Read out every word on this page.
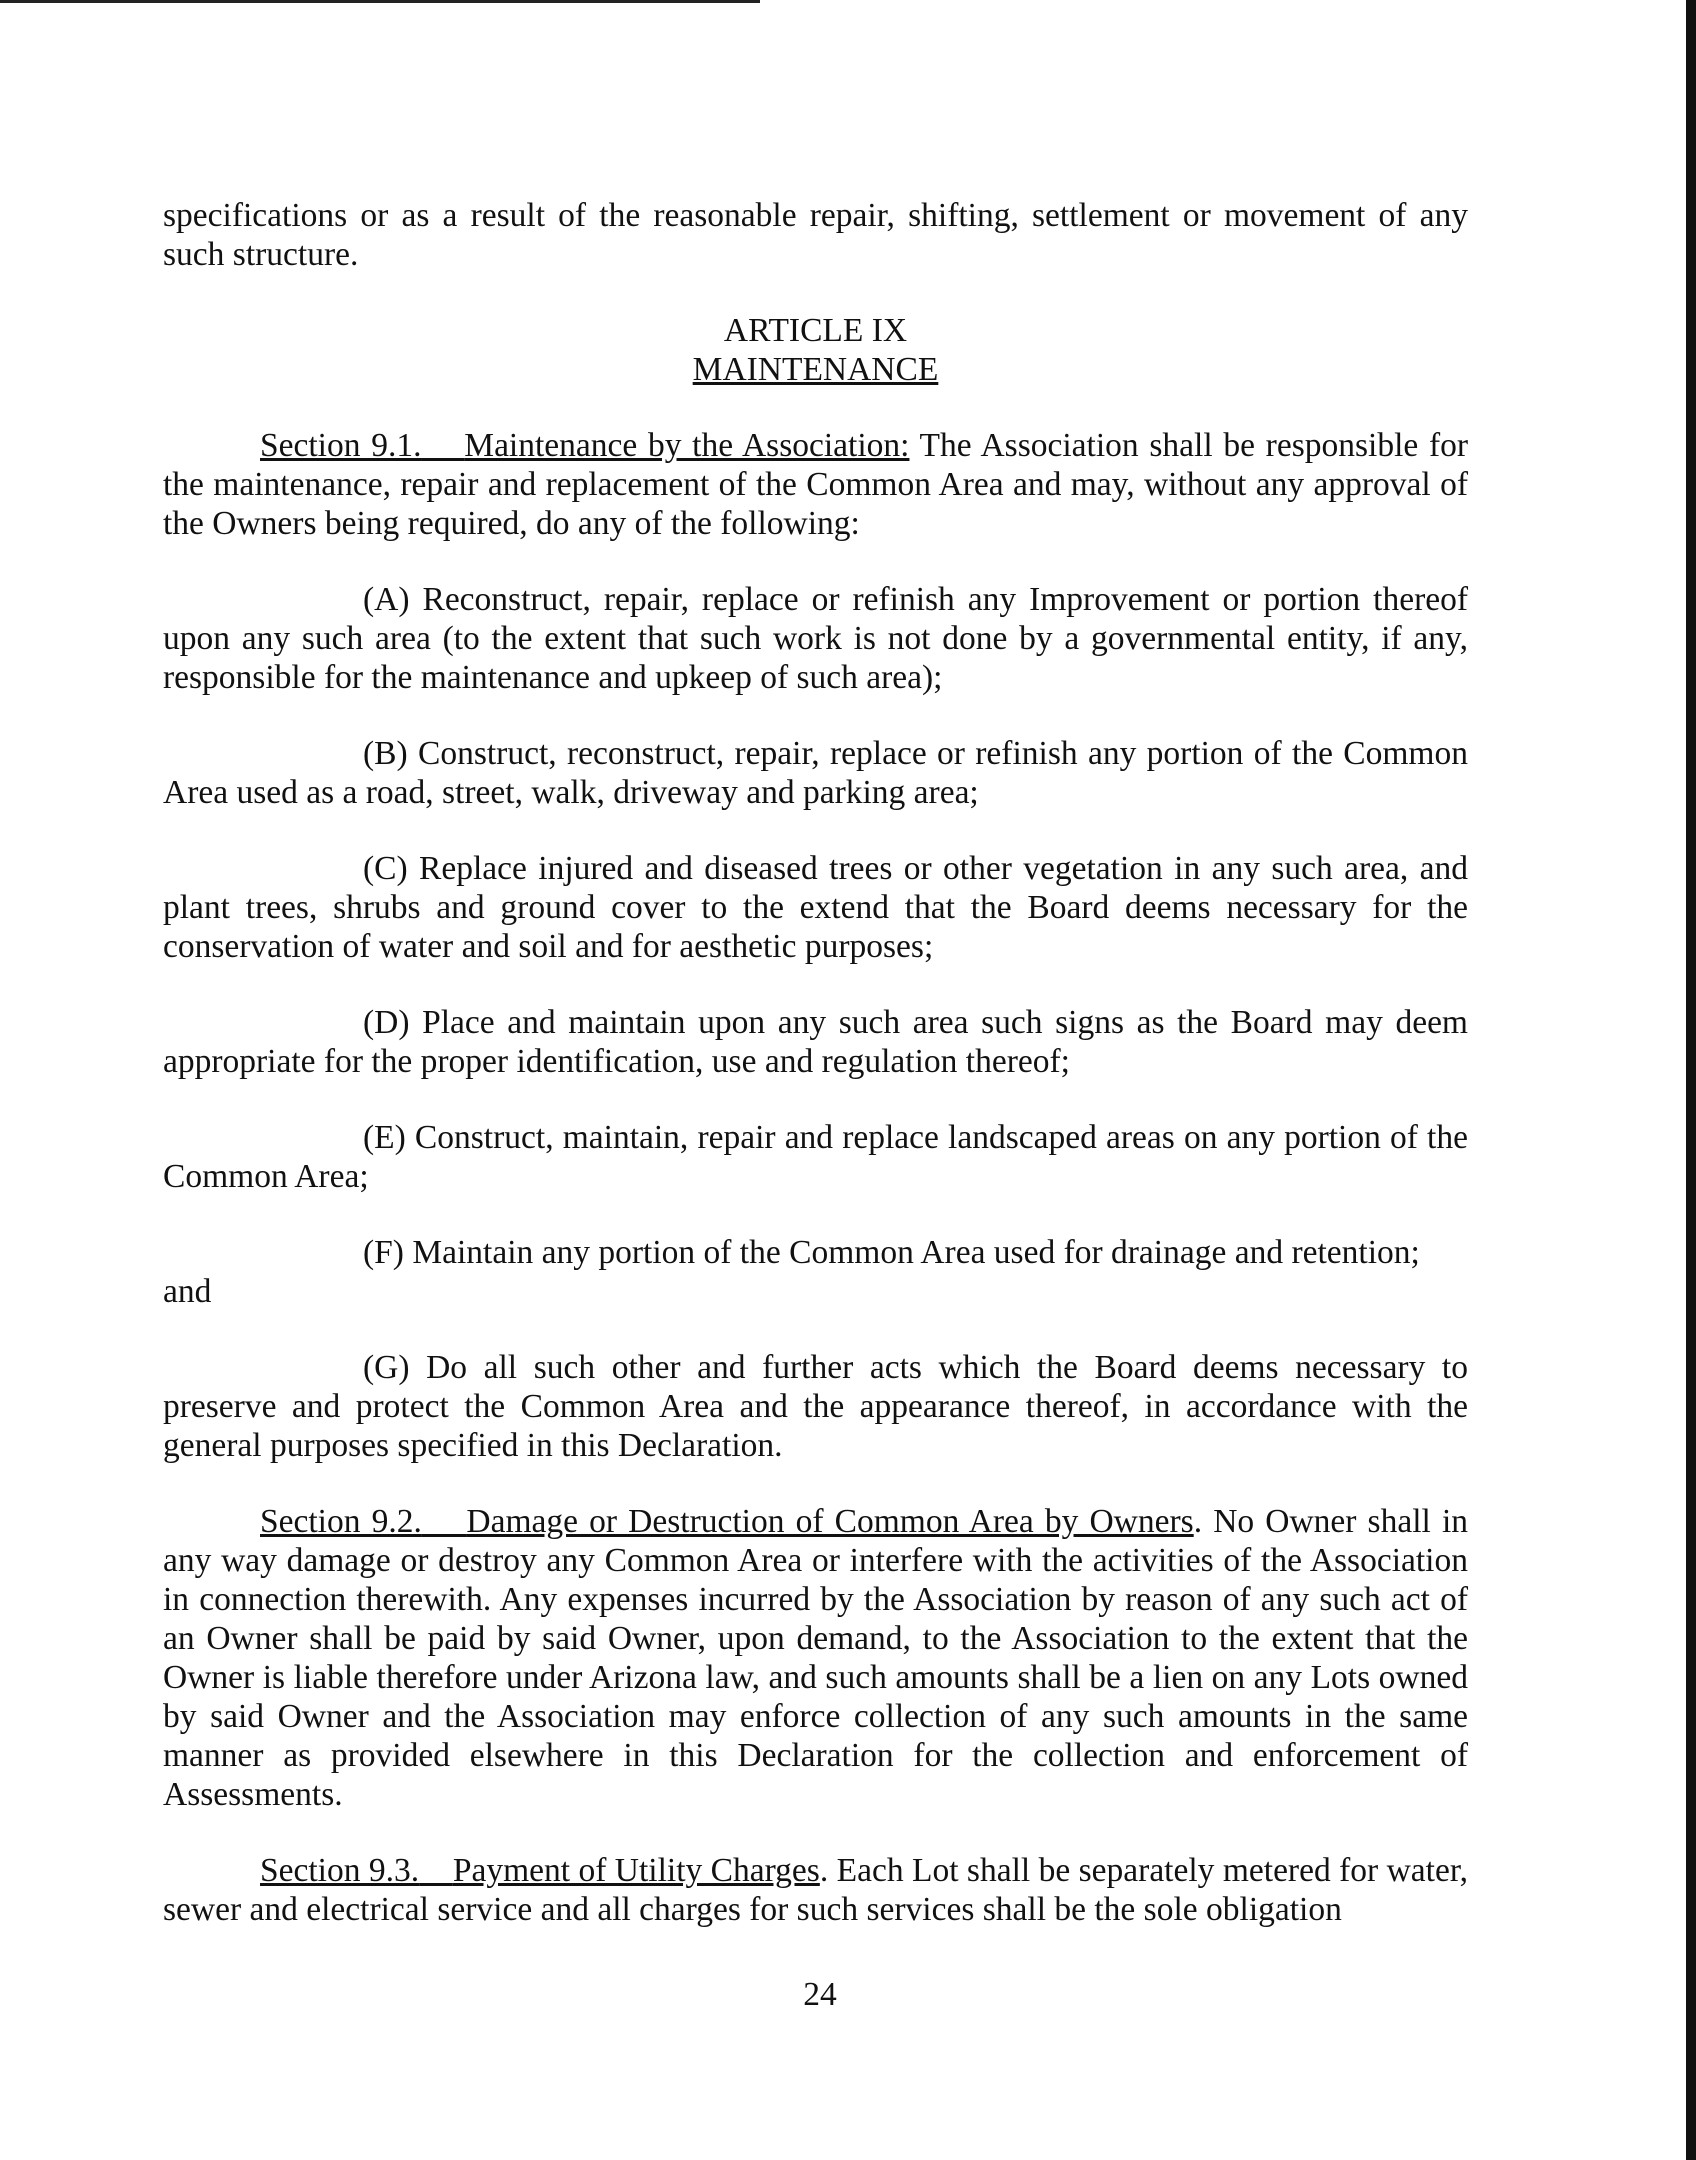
specifications or as a result of the reasonable repair, shifting, settlement or movement of any such structure.

ARTICLE IX
MAINTENANCE

Section 9.1. Maintenance by the Association: The Association shall be responsible for the maintenance, repair and replacement of the Common Area and may, without any approval of the Owners being required, do any of the following:

(A) Reconstruct, repair, replace or refinish any Improvement or portion thereof upon any such area (to the extent that such work is not done by a governmental entity, if any, responsible for the maintenance and upkeep of such area);

(B) Construct, reconstruct, repair, replace or refinish any portion of the Common Area used as a road, street, walk, driveway and parking area;

(C) Replace injured and diseased trees or other vegetation in any such area, and plant trees, shrubs and ground cover to the extend that the Board deems necessary for the conservation of water and soil and for aesthetic purposes;

(D) Place and maintain upon any such area such signs as the Board may deem appropriate for the proper identification, use and regulation thereof;

(E) Construct, maintain, repair and replace landscaped areas on any portion of the Common Area;

(F) Maintain any portion of the Common Area used for drainage and retention;

and

(G) Do all such other and further acts which the Board deems necessary to preserve and protect the Common Area and the appearance thereof, in accordance with the general purposes specified in this Declaration.

Section 9.2. Damage or Destruction of Common Area by Owners. No Owner shall in any way damage or destroy any Common Area or interfere with the activities of the Association in connection therewith. Any expenses incurred by the Association by reason of any such act of an Owner shall be paid by said Owner, upon demand, to the Association to the extent that the Owner is liable therefore under Arizona law, and such amounts shall be a lien on any Lots owned by said Owner and the Association may enforce collection of any such amounts in the same manner as provided elsewhere in this Declaration for the collection and enforcement of Assessments.

Section 9.3. Payment of Utility Charges. Each Lot shall be separately metered for water, sewer and electrical service and all charges for such services shall be the sole obligation

24
